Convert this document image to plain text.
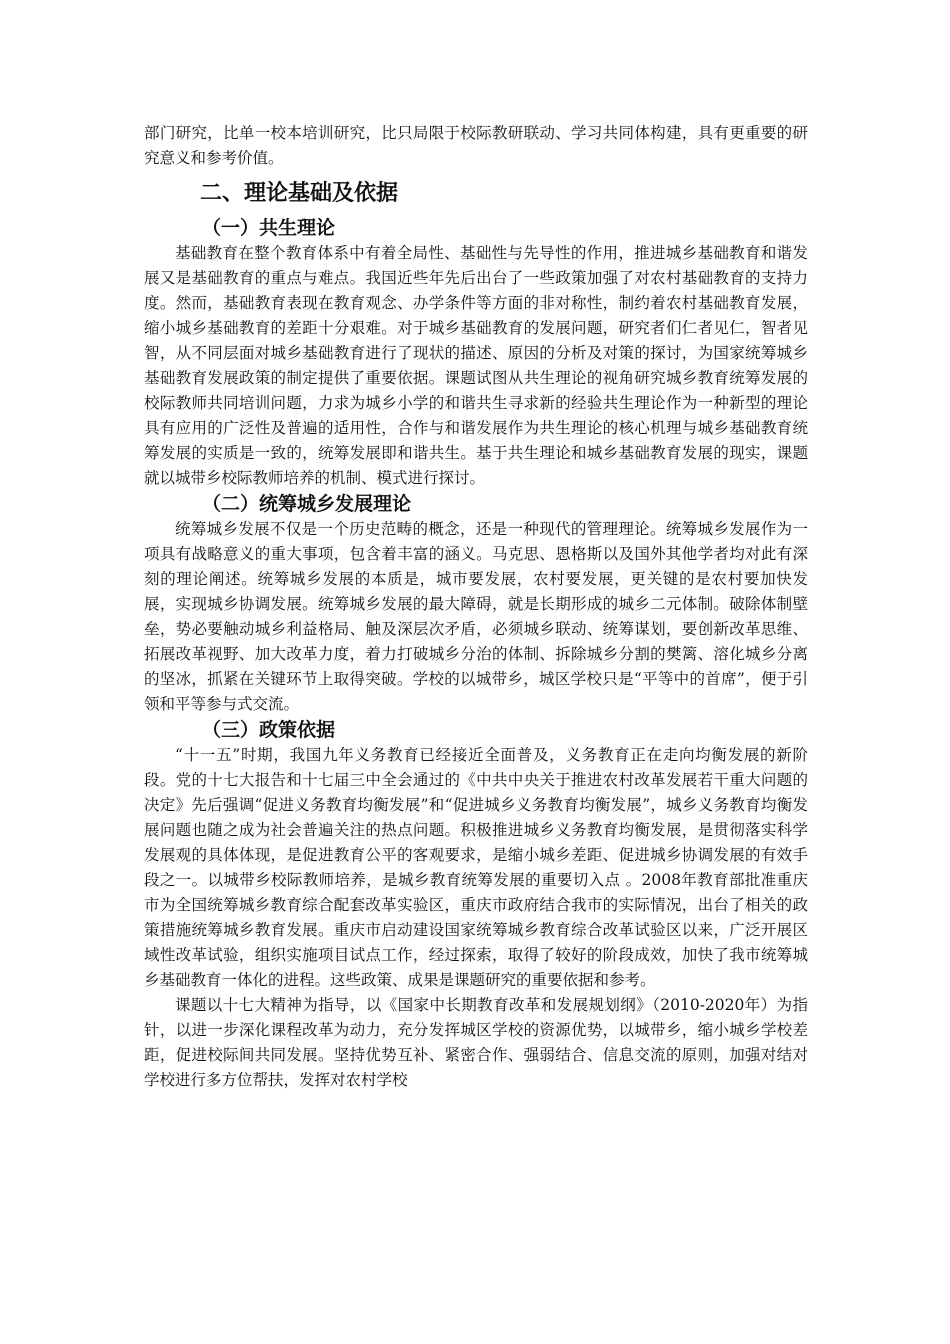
部门研究，比单一校本培训研究，比只局限于校际教研联动、学习共同体构建，具有更重要的研究意义和参考价值。

二、理论基础及依据
（一）共生理论

基础教育在整个教育体系中有着全局性、基础性与先导性的作用，推进城乡基础教育和谐发展又是基础教育的重点与难点。我国近些年先后出台了一些政策加强了对农村基础教育的支持力度。然而，基础教育表现在教育观念、办学条件等方面的非对称性，制约着农村基础教育发展，缩小城乡基础教育的差距十分艰难。对于城乡基础教育的发展问题，研究者们仁者见仁，智者见智，从不同层面对城乡基础教育进行了现状的描述、原因的分析及对策的探讨，为国家统筹城乡基础教育发展政策的制定提供了重要依据。课题试图从共生理论的视角研究城乡教育统筹发展的校际教师共同培训问题，力求为城乡小学的和谐共生寻求新的经验共生理论作为一种新型的理论具有应用的广泛性及普遍的适用性，合作与和谐发展作为共生理论的核心机理与城乡基础教育统筹发展的实质是一致的，统筹发展即和谐共生。基于共生理论和城乡基础教育发展的现实，课题就以城带乡校际教师培养的机制、模式进行探讨。

（二）统筹城乡发展理论

统筹城乡发展不仅是一个历史范畴的概念，还是一种现代的管理理论。统筹城乡发展作为一项具有战略意义的重大事项，包含着丰富的涵义。马克思、恩格斯以及国外其他学者均对此有深刻的理论阐述。统筹城乡发展的本质是，城市要发展，农村要发展，更关键的是农村要加快发展，实现城乡协调发展。统筹城乡发展的最大障碍，就是长期形成的城乡二元体制。破除体制壁垒，势必要触动城乡利益格局、触及深层次矛盾，必须城乡联动、统筹谋划，要创新改革思维、拓展改革视野、加大改革力度，着力打破城乡分治的体制、拆除城乡分割的樊篱、溶化城乡分离的坚冰，抓紧在关键环节上取得突破。学校的以城带乡，城区学校只是“平等中的首席”，便于引领和平等参与式交流。

（三）政策依据

“十一五”时期，我国九年义务教育已经接近全面普及，义务教育正在走向均衡发展的新阶段。党的十七大报告和十七届三中全会通过的《中共中央关于推进农村改革发展若干重大问题的决定》先后强调“促进义务教育均衡发展”和“促进城乡义务教育均衡发展”，城乡义务教育均衡发展问题也随之成为社会普遍关注的热点问题。积极推进城乡义务教育均衡发展，是贯彻落实科学发展观的具体体现，是促进教育公平的客观要求，是缩小城乡差距、促进城乡协调发展的有效手段之一。以城带乡校际教师培养，是城乡教育统筹发展的重要切入点 。2008年教育部批准重庆市为全国统筹城乡教育综合配套改革实验区，重庆市政府结合我市的实际情况，出台了相关的政策措施统筹城乡教育发展。重庆市启动建设国家统筹城乡教育综合改革试验区以来，广泛开展区域性改革试验，组织实施项目试点工作，经过探索，取得了较好的阶段成效，加快了我市统筹城乡基础教育一体化的进程。这些政策、成果是课题研究的重要依据和参考。

课题以十七大精神为指导，以《国家中长期教育改革和发展规划纲》（2010-2020年）为指针，以进一步深化课程改革为动力，充分发挥城区学校的资源优势，以城带乡，缩小城乡学校差距，促进校际间共同发展。坚持优势互补、紧密合作、强弱结合、信息交流的原则，加强对结对学校进行多方位帮扶，发挥对农村学校
